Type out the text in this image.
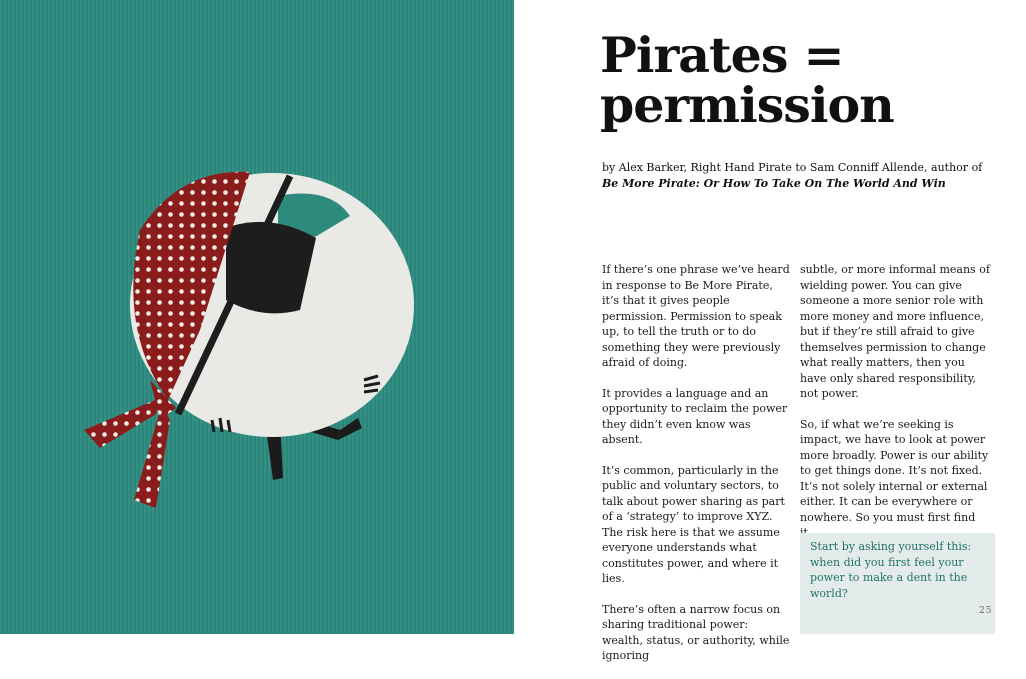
Pirates =
permission
by Alex Barker, Right Hand Pirate to Sam Conniff Allende, author of
Be More Pirate: Or How To Take On The World And Win

If there’s one phrase we’ve heard in response to Be More Pirate, it’s that it gives people permission. Permission to speak up, to tell the truth or to do something they were previously afraid of doing.

It provides a language and an opportunity to reclaim the power they didn’t even know was absent.

It’s common, particularly in the public and voluntary sectors, to talk about power sharing as part of a ‘strategy’ to improve XYZ. The risk here is that we assume everyone understands what constitutes power, and where it lies.

There’s often a narrow focus on sharing traditional power: wealth, status, or authority, while ignoring

subtle, or more informal means of wielding power. You can give someone a more senior role with more money and more influence, but if they’re still afraid to give themselves permission to change what really matters, then you have only shared responsibility, not power.

So, if what we’re seeking is impact, we have to look at power more broadly. Power is our ability to get things done. It’s not fixed. It’s not solely internal or external either. It can be everywhere or nowhere. So you must first find

Start by asking yourself this: when did you first feel your power to make a dent in the world?

25
